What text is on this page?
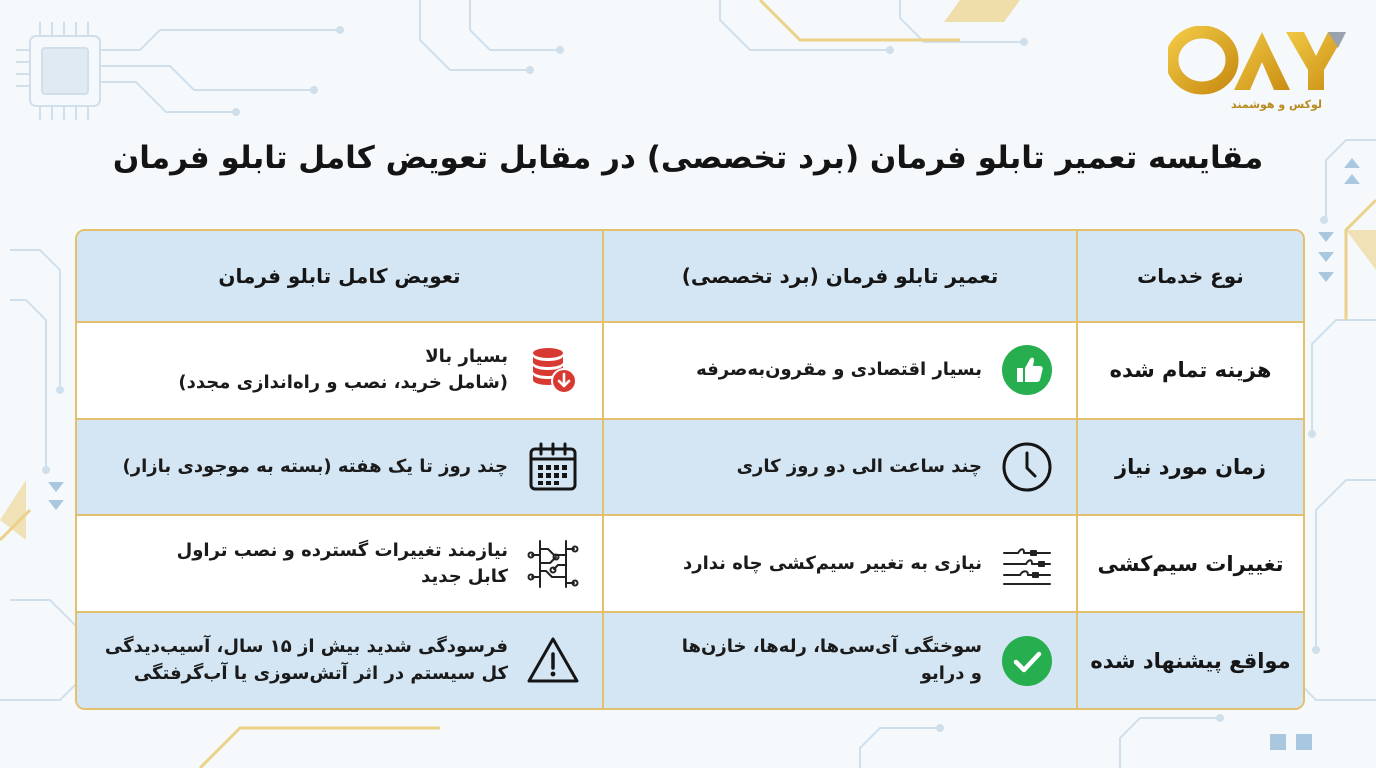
لوکس و هوشمند
مقایسه تعمیر تابلو فرمان (برد تخصصی) در مقابل تعویض کامل تابلو فرمان
نوع خدمات	تعمیر تابلو فرمان (برد تخصصی)	تعویض کامل تابلو فرمان
هزینه تمام شده	بسیار اقتصادی و مقرون‌به‌صرفه	بسیار بالا
(شامل خرید، نصب و راه‌اندازی مجدد)

زمان مورد نیاز	چند ساعت الی دو روز کاری	چند روز تا یک هفته (بسته به موجودی بازار)

تغییرات سیم‌کشی	نیازی به تغییر سیم‌کشی چاه ندارد	نیازمند تغییرات گسترده و نصب تراول
کابل جدید

مواقع پیشنهاد شده	سوختگی آی‌سی‌ها، رله‌ها، خازن‌ها
و درایو	فرسودگی شدید بیش از ۱۵ سال، آسیب‌دیدگی
کل سیستم در اثر آتش‌سوزی یا آب‌گرفتگی
